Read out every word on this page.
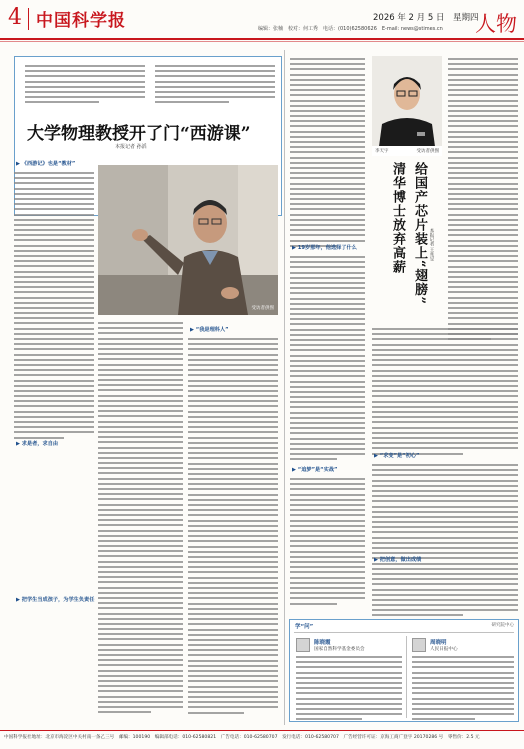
4 中国科学报	2026 年 2 月 5 日　星期四
编辑：张楠　校对：何工秀　电话：(010)62580626　E-mail: news@stimes.cn 人物
大学物理教授开了门“西游课”
本报记者 孙滔
▶ 《西游记》也是“教材”
受访者供图
▶ “我是理科人”
▶ 求是者，求自由
▶ 把学生当成孩子，为学生负责任
▶ 19岁那年，他选择了什么
▶ “追梦”是“实战”
李天宇	受访者供图
给国产芯片装上“翅膀”
清华博士放弃高薪	本报记者 王兆昱
▶ “求变”是“初心”
▶ 把创意，做出成绩
学“问”	研究院中心
陈晓霞
国家自然科学基金委员会
周晓明
人民日报中心
中国科学报社地址：北京市海淀区中关村南一条乙三号　邮编：100190　编辑部电话：010-62580821　广告电话：010-62580707　发行电话：010-62580707　广告经营许可证：京海工商广登字 20170286 号　零售价：2.5 元　
